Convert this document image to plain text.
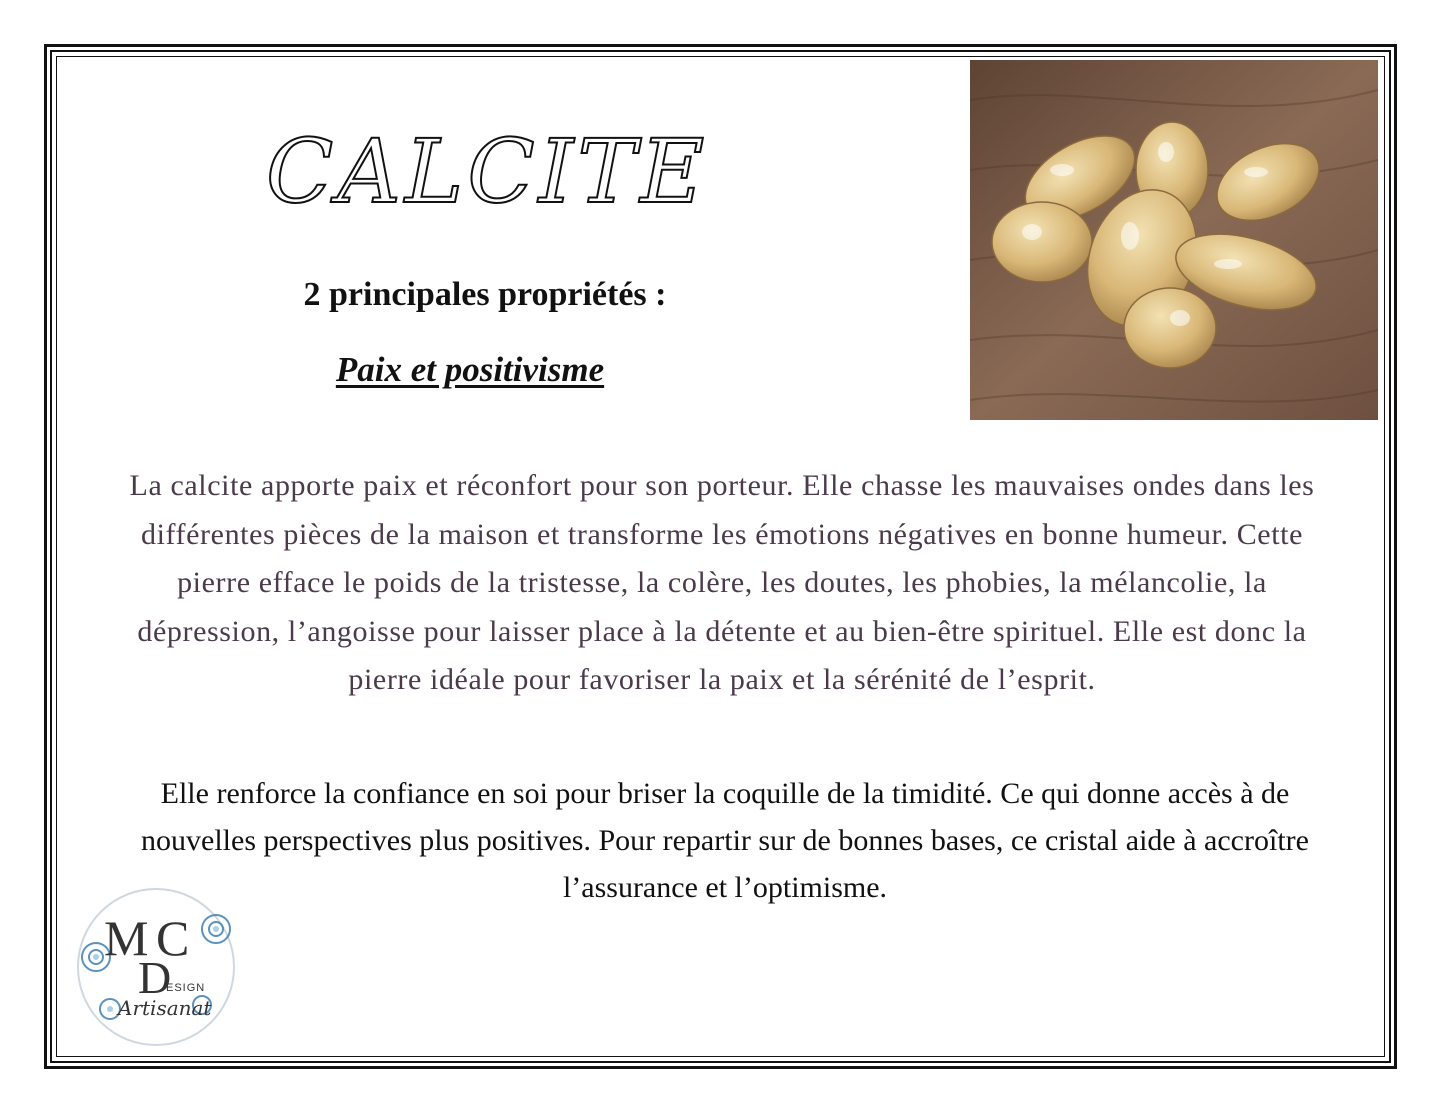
CALCITE
2 principales propriétés :
Paix et positivisme
La calcite apporte paix et réconfort pour son porteur. Elle chasse les mauvaises ondes dans les différentes pièces de la maison et transforme les émotions négatives en bonne humeur. Cette pierre efface le poids de la tristesse, la colère, les doutes, les phobies, la mélancolie, la dépression, l’angoisse pour laisser place à la détente et au bien-être spirituel. Elle est donc la pierre idéale pour favoriser la paix et la sérénité de l’esprit.
Elle renforce la confiance en soi pour briser la coquille de la timidité. Ce qui donne accès à de nouvelles perspectives plus positives. Pour repartir sur de bonnes bases, ce cristal aide à accroître l’assurance et l’optimisme.
M C
D
ESIGN
Artisanat
